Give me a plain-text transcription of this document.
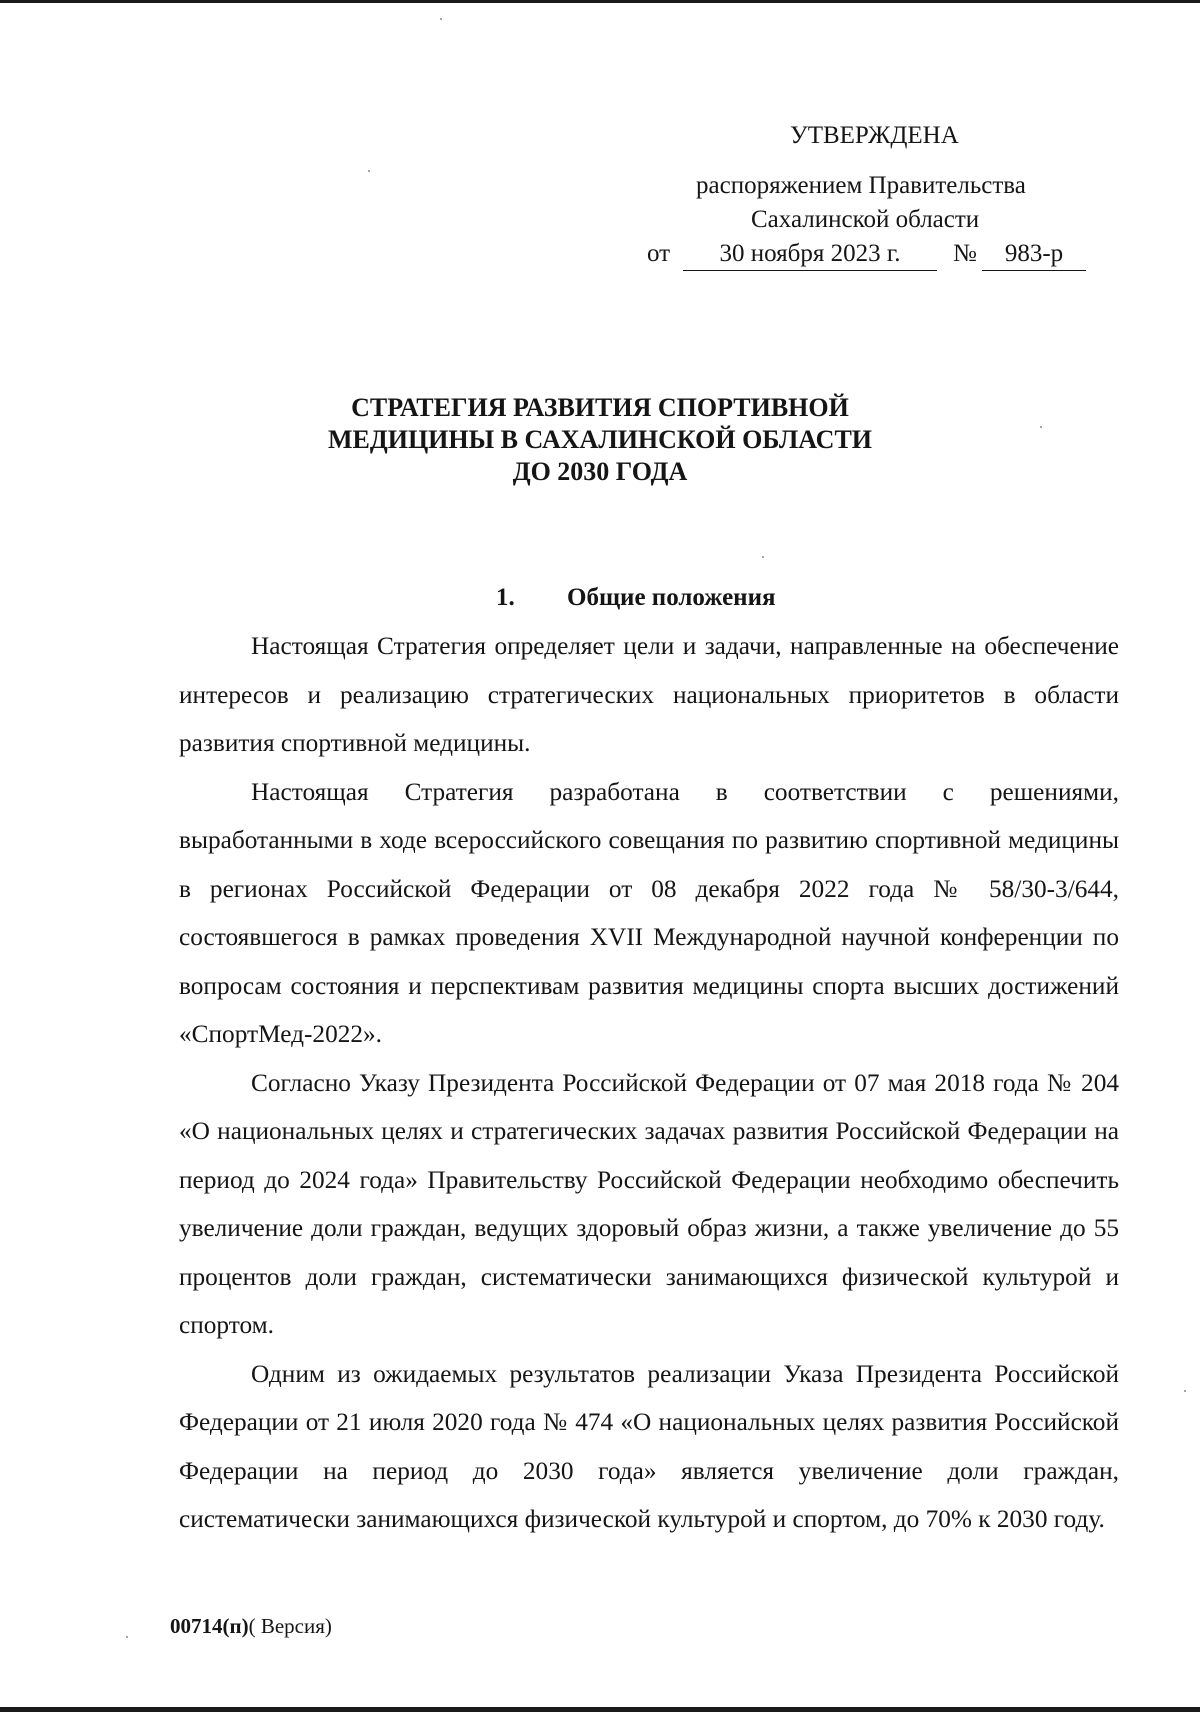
УТВЕРЖДЕНА
распоряжением Правительства
Сахалинской области
от	30 ноября 2023 г.	№	983-р
СТРАТЕГИЯ РАЗВИТИЯ СПОРТИВНОЙ
МЕДИЦИНЫ В САХАЛИНСКОЙ ОБЛАСТИ
ДО 2030 ГОДА
1. Общие положения

Настоящая Стратегия определяет цели и задачи, направленные на обеспечение интересов и реализацию стратегических национальных приоритетов в области развития спортивной медицины.

Настоящая Стратегия разработана в соответствии с решениями, выработанными в ходе всероссийского совещания по развитию спортивной медицины в регионах Российской Федерации от 08 декабря 2022 года № 58/30-3/644, состоявшегося в рамках проведения XVII Международной научной конференции по вопросам состояния и перспективам развития медицины спорта высших достижений «СпортМед-2022».

Согласно Указу Президента Российской Федерации от 07 мая 2018 года № 204 «О национальных целях и стратегических задачах развития Российской Федерации на период до 2024 года» Правительству Российской Федерации необходимо обеспечить увеличение доли граждан, ведущих здоровый образ жизни, а также увеличение до 55 процентов доли граждан, систематически занимающихся физической культурой и спортом.

Одним из ожидаемых результатов реализации Указа Президента Российской Федерации от 21 июля 2020 года № 474 «О национальных целях развития Российской Федерации на период до 2030 года» является увеличение доли граждан, систематически занимающихся физической культурой и спортом, до 70% к 2030 году.

00714(п)( Версия)
